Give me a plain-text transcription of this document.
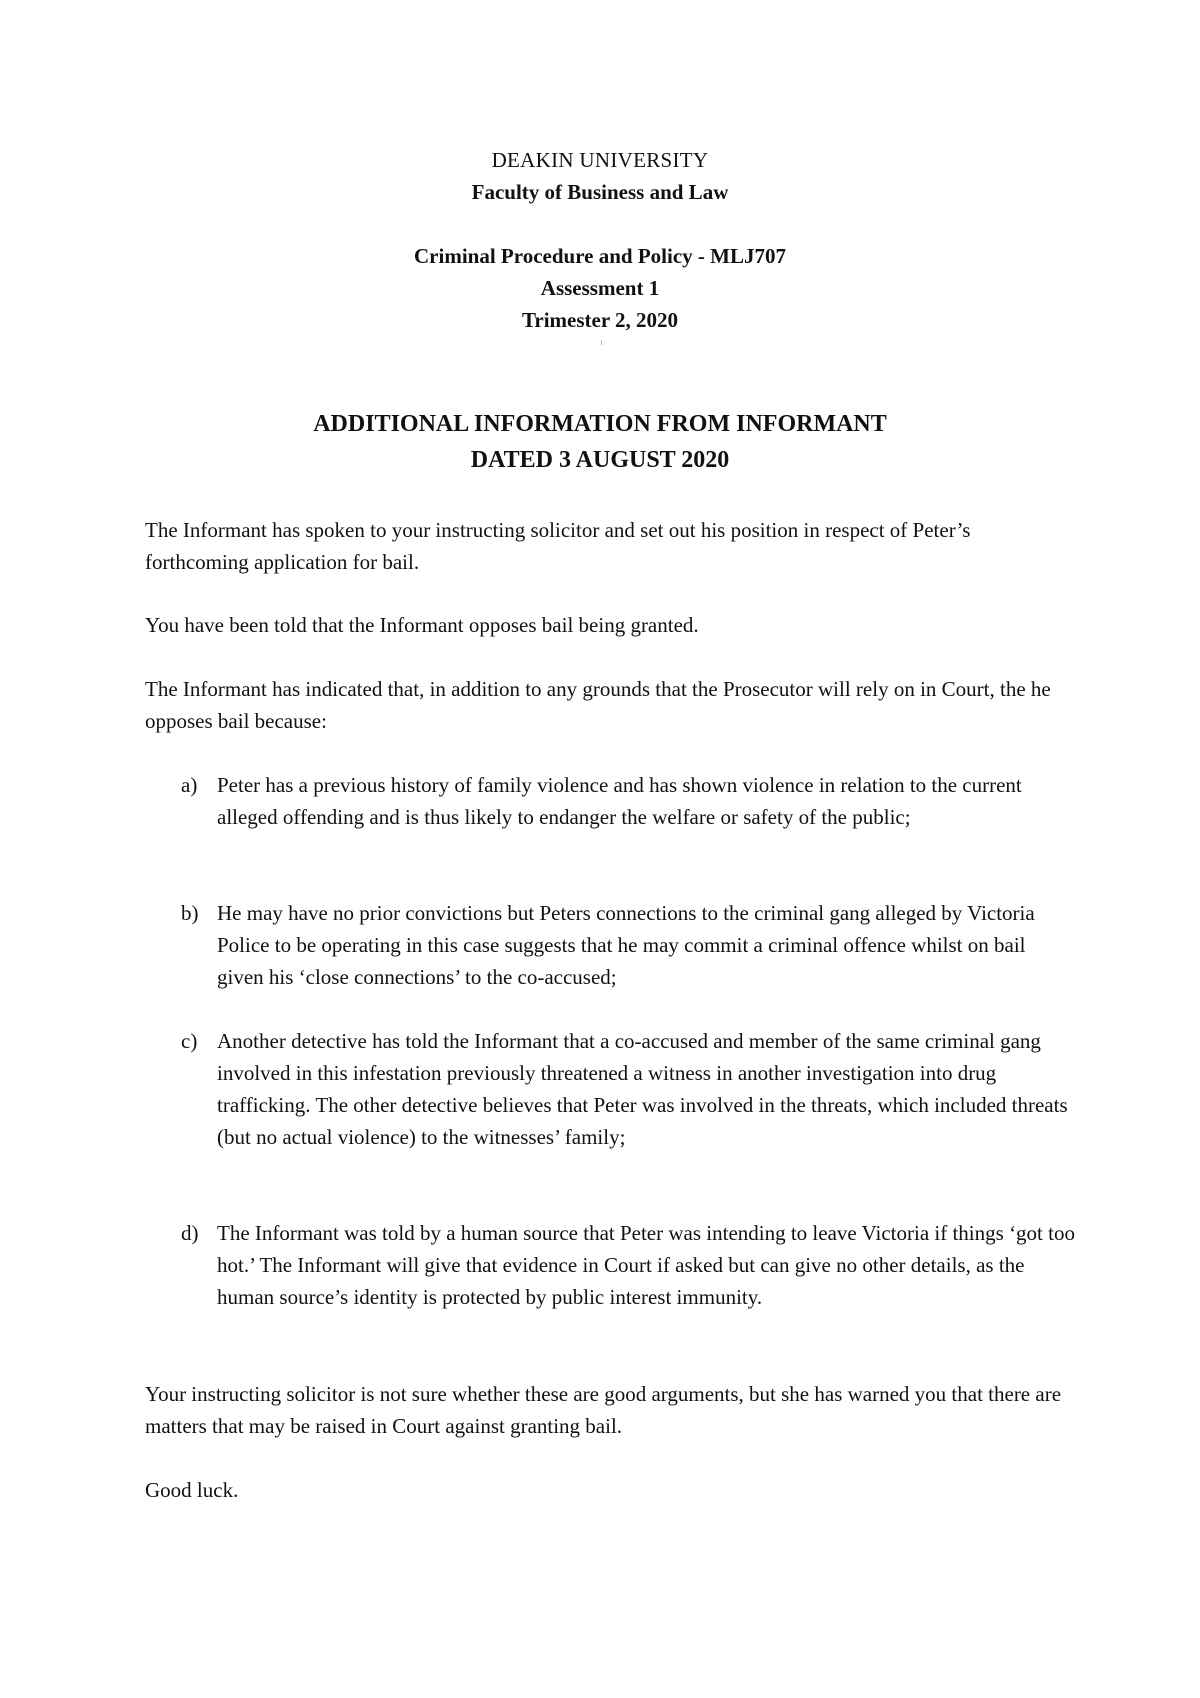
DEAKIN UNIVERSITY
Faculty of Business and Law
Criminal Procedure and Policy - MLJ707
Assessment 1
Trimester 2, 2020
ADDITIONAL INFORMATION FROM INFORMANT
DATED 3 AUGUST 2020
The Informant has spoken to your instructing solicitor and set out his position in respect of Peter’s forthcoming application for bail.
You have been told that the Informant opposes bail being granted.
The Informant has indicated that, in addition to any grounds that the Prosecutor will rely on in Court, the he opposes bail because:
a) Peter has a previous history of family violence and has shown violence in relation to the current alleged offending and is thus likely to endanger the welfare or safety of the public;
b) He may have no prior convictions but Peters connections to the criminal gang alleged by Victoria Police to be operating in this case suggests that he may commit a criminal offence whilst on bail given his ‘close connections’ to the co-accused;
c) Another detective has told the Informant that a co-accused and member of the same criminal gang involved in this infestation previously threatened a witness in another investigation into drug trafficking. The other detective believes that Peter was involved in the threats, which included threats (but no actual violence) to the witnesses’ family;
d) The Informant was told by a human source that Peter was intending to leave Victoria if things ‘got too hot.’ The Informant will give that evidence in Court if asked but can give no other details, as the human source’s identity is protected by public interest immunity.
Your instructing solicitor is not sure whether these are good arguments, but she has warned you that there are matters that may be raised in Court against granting bail.
Good luck.
